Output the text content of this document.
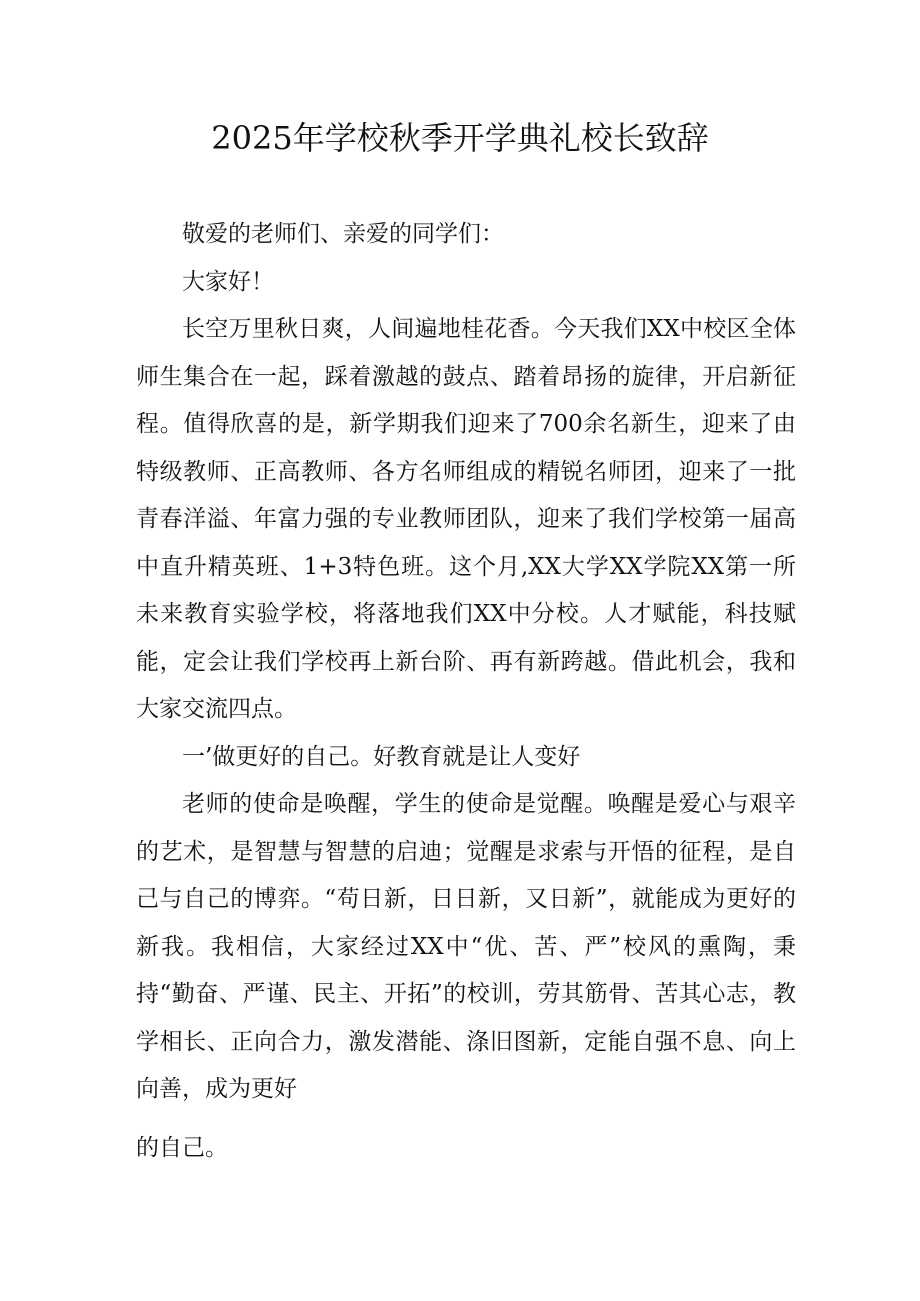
2025年学校秋季开学典礼校长致辞

敬爱的老师们、亲爱的同学们：

大家好！

长空万里秋日爽，人间遍地桂花香。今天我们XX中校区全体师生集合在一起，踩着激越的鼓点、踏着昂扬的旋律，开启新征程。值得欣喜的是，新学期我们迎来了700余名新生，迎来了由特级教师、正高教师、各方名师组成的精锐名师团，迎来了一批青春洋溢、年富力强的专业教师团队，迎来了我们学校第一届高中直升精英班、1+3特色班。这个月,XX大学XX学院XX第一所未来教育实验学校，将落地我们XX中分校。人才赋能，科技赋能，定会让我们学校再上新台阶、再有新跨越。借此机会，我和大家交流四点。

一’做更好的自己。好教育就是让人变好

老师的使命是唤醒，学生的使命是觉醒。唤醒是爱心与艰辛的艺术，是智慧与智慧的启迪；觉醒是求索与开悟的征程，是自己与自己的博弈。“苟日新，日日新，又日新”，就能成为更好的新我。我相信，大家经过XX中“优、苦、严”校风的熏陶，秉持“勤奋、严谨、民主、开拓”的校训，劳其筋骨、苦其心志，教学相长、正向合力，激发潜能、涤旧图新，定能自强不息、向上向善，成为更好

的自己。
